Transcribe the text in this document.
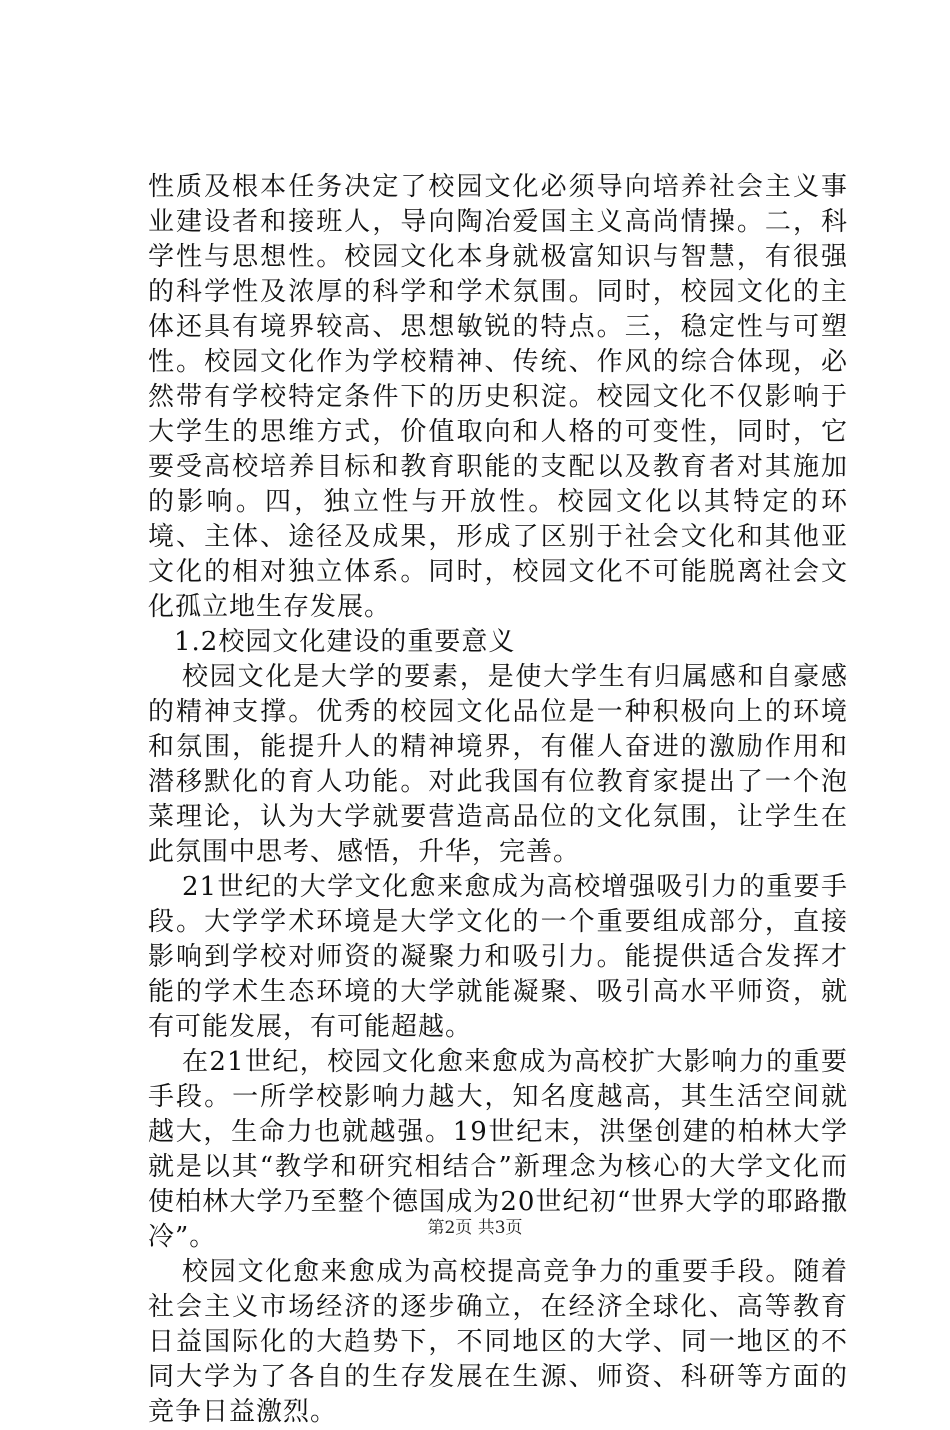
性质及根本任务决定了校园文化必须导向培养社会主义事业建设者和接班人，导向陶冶爱国主义高尚情操。二，科学性与思想性。校园文化本身就极富知识与智慧，有很强的科学性及浓厚的科学和学术氛围。同时，校园文化的主体还具有境界较高、思想敏锐的特点。三，稳定性与可塑性。校园文化作为学校精神、传统、作风的综合体现，必然带有学校特定条件下的历史积淀。校园文化不仅影响于大学生的思维方式，价值取向和人格的可变性，同时，它要受高校培养目标和教育职能的支配以及教育者对其施加的影响。四，独立性与开放性。校园文化以其特定的环境、主体、途径及成果，形成了区别于社会文化和其他亚文化的相对独立体系。同时，校园文化不可能脱离社会文化孤立地生存发展。

1.2校园文化建设的重要意义

校园文化是大学的要素，是使大学生有归属感和自豪感的精神支撑。优秀的校园文化品位是一种积极向上的环境和氛围，能提升人的精神境界，有催人奋进的激励作用和潜移默化的育人功能。对此我国有位教育家提出了一个泡菜理论，认为大学就要营造高品位的文化氛围，让学生在此氛围中思考、感悟，升华，完善。

21世纪的大学文化愈来愈成为高校增强吸引力的重要手段。大学学术环境是大学文化的一个重要组成部分，直接影响到学校对师资的凝聚力和吸引力。能提供适合发挥才能的学术生态环境的大学就能凝聚、吸引高水平师资，就有可能发展，有可能超越。

在21世纪，校园文化愈来愈成为高校扩大影响力的重要手段。一所学校影响力越大，知名度越高，其生活空间就越大，生命力也就越强。19世纪末，洪堡创建的柏林大学就是以其“教学和研究相结合”新理念为核心的大学文化而使柏林大学乃至整个德国成为20世纪初“世界大学的耶路撒冷”。

校园文化愈来愈成为高校提高竞争力的重要手段。随着社会主义市场经济的逐步确立，在经济全球化、高等教育日益国际化的大趋势下，不同地区的大学、同一地区的不同大学为了各自的生存发展在生源、师资、科研等方面的竞争日益激烈。

第2页 共3页
